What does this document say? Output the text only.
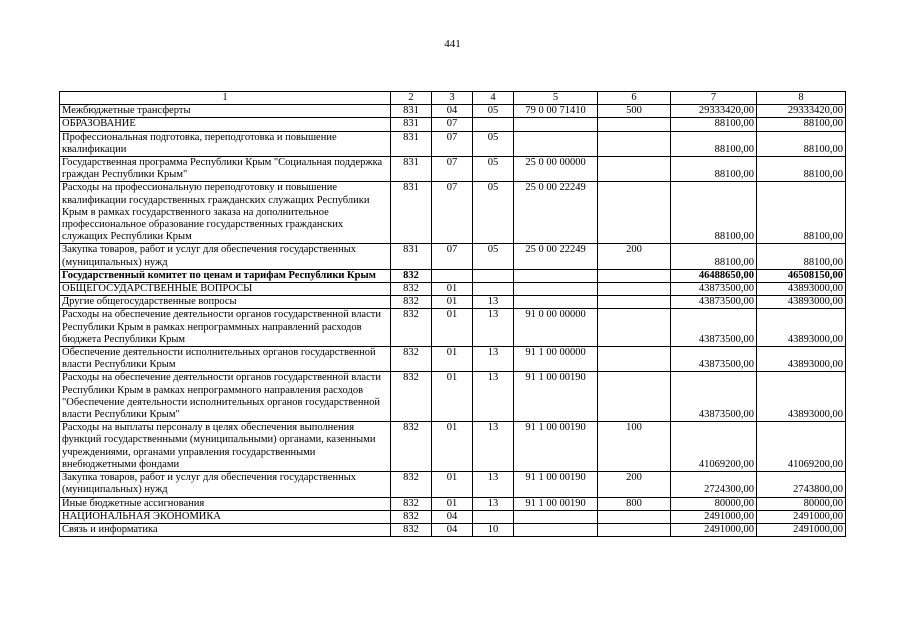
441
1	2	3	4	5	6	7	8
Межбюджетные трансферты	831	04	05	79 0 00 71410	500	29333420,00	29333420,00
ОБРАЗОВАНИЕ	831	07				88100,00	88100,00
Профессиональная подготовка, переподготовка и повышение квалификации	831	07	05			88100,00	88100,00
Государственная программа Республики Крым "Социальная поддержка граждан Республики Крым"	831	07	05	25 0 00 00000		88100,00	88100,00
Расходы на профессиональную переподготовку и повышение квалификации государственных гражданских служащих Республики Крым в рамках государственного заказа на дополнительное профессиональное образование государственных гражданских служащих Республики Крым	831	07	05	25 0 00 22249		88100,00	88100,00
Закупка товаров, работ и услуг для обеспечения государственных (муниципальных) нужд	831	07	05	25 0 00 22249	200	88100,00	88100,00
Государственный комитет по ценам и тарифам Республики Крым	832					46488650,00	46508150,00
ОБЩЕГОСУДАРСТВЕННЫЕ ВОПРОСЫ	832	01				43873500,00	43893000,00
Другие общегосударственные вопросы	832	01	13			43873500,00	43893000,00
Расходы на обеспечение деятельности органов государственной власти Республики Крым в рамках непрограммных направлений расходов бюджета Республики Крым	832	01	13	91 0 00 00000		43873500,00	43893000,00
Обеспечение деятельности исполнительных органов государственной власти Республики Крым	832	01	13	91 1 00 00000		43873500,00	43893000,00
Расходы на обеспечение деятельности органов государственной власти Республики Крым в рамках непрограммного направления расходов "Обеспечение деятельности исполнительных органов государственной власти Республики Крым"	832	01	13	91 1 00 00190		43873500,00	43893000,00
Расходы на выплаты персоналу в целях обеспечения выполнения функций государственными (муниципальными) органами, казенными учреждениями, органами управления государственными внебюджетными фондами	832	01	13	91 1 00 00190	100	41069200,00	41069200,00
Закупка товаров, работ и услуг для обеспечения государственных (муниципальных) нужд	832	01	13	91 1 00 00190	200	2724300,00	2743800,00
Иные бюджетные ассигнования	832	01	13	91 1 00 00190	800	80000,00	80000,00
НАЦИОНАЛЬНАЯ ЭКОНОМИКА	832	04				2491000,00	2491000,00
Связь и информатика	832	04	10			2491000,00	2491000,00
